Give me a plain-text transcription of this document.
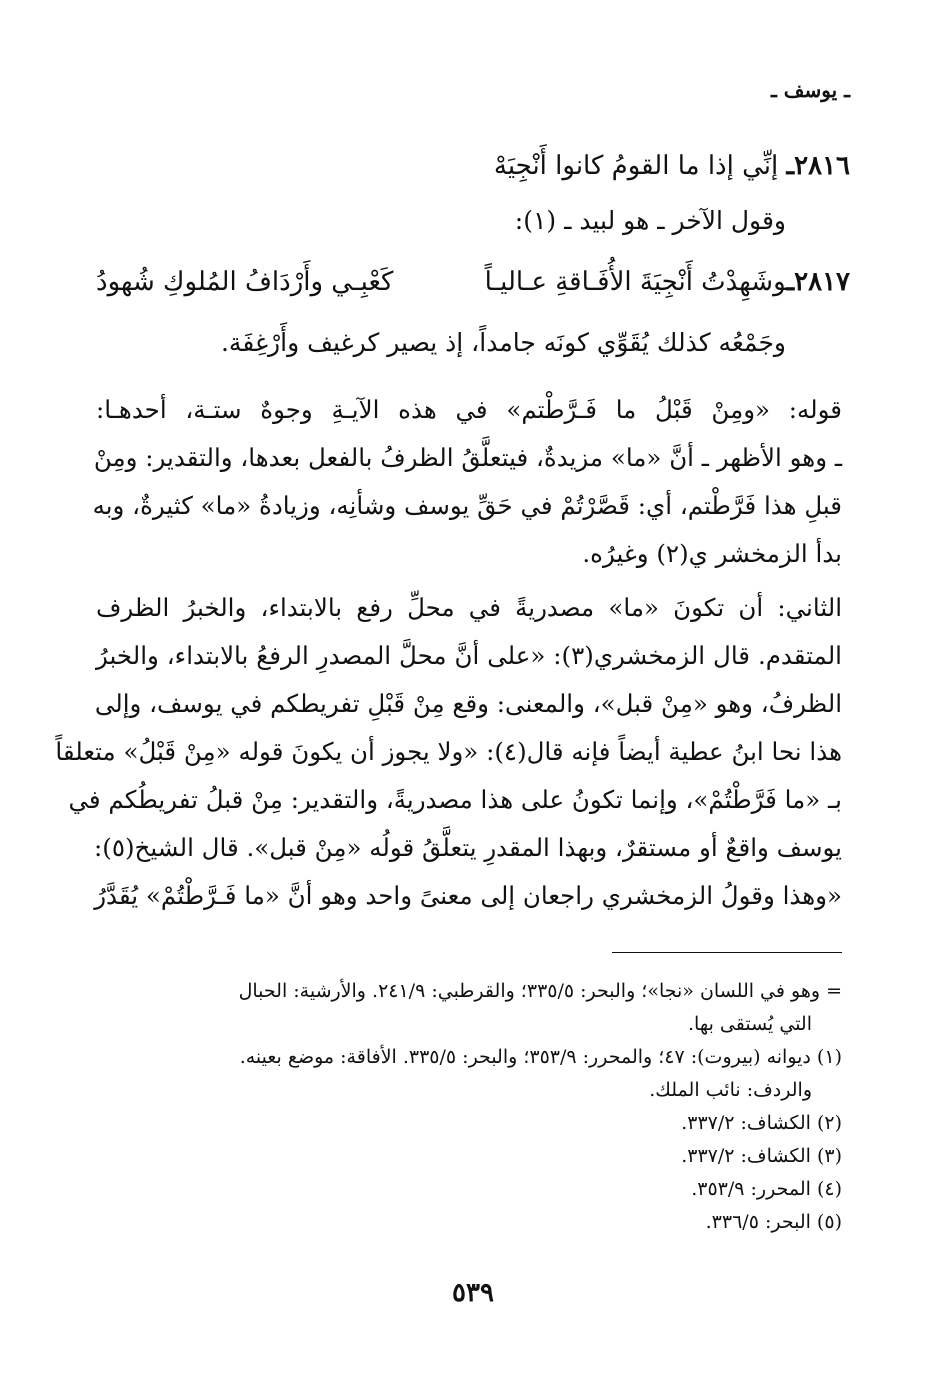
ـ يوسف ـ
٢٨١٦ـ إنِّي إذا ما القومُ كانوا أَنْجِيَهْ
وقول الآخر ـ هو لبيد ـ (١):
٢٨١٧ـوشَهِدْتُ أَنْجِيَةَ الأُفَـاقةِ عـاليـاً
كَعْبِـي وأَرْدَافُ المُلوكِ شُهودُ
وجَمْعُه كذلك يُقَوِّي كونَه جامداً، إذ يصير كرغيف وأَرْغِفَة.
قوله: «ومِنْ قَبْلُ ما فَـرَّطْتم» في هذه الآيـةِ وجوهٌ ستـة، أحدهـا:
ـ وهو الأظهر ـ أنَّ «ما» مزيدةٌ، فيتعلَّقُ الظرفُ بالفعل بعدها، والتقدير: ومِنْ
قبلِ هذا فَرَّطْتم، أي: قَصَّرْتُمْ في حَقِّ يوسف وشأنِه، وزيادةُ «ما» كثيرةٌ، وبه
بدأ الزمخشر ي(٢) وغيرُه.
الثاني: أن تكونَ «ما» مصدريةً في محلِّ رفع بالابتداء، والخبرُ الظرف
المتقدم. قال الزمخشري(٣): «على أنَّ محلَّ المصدرِ الرفعُ بالابتداء، والخبرُ
الظرفُ، وهو «مِنْ قبل»، والمعنى: وقع مِنْ قَبْلِ تفريطكم في يوسف، وإلى
هذا نحا ابنُ عطية أيضاً فإنه قال(٤): «ولا يجوز أن يكونَ قوله «مِنْ قَبْلُ» متعلقاً
بـ «ما فَرَّطْتُمْ»، وإنما تكونُ على هذا مصدريةً، والتقدير: مِنْ قبلُ تفريطُكم في
يوسف واقعٌ أو مستقرٌ، وبهذا المقدرِ يتعلَّقُ قولُه «مِنْ قبل». قال الشيخ(٥):
«وهذا وقولُ الزمخشري راجعان إلى معنىً واحد وهو أنَّ «ما فَـرَّطْتُمْ» يُقَدَّرُ
= وهو في اللسان «نجا»؛ والبحر: ٣٣٥/٥؛ والقرطبي: ٢٤١/٩. والأرشية: الحبال
التي يُستقى بها.
(١) ديوانه (بيروت): ٤٧؛ والمحرر: ٣٥٣/٩؛ والبحر: ٣٣٥/٥. الأفاقة: موضع بعينه.
والردف: نائب الملك.
(٢) الكشاف: ٣٣٧/٢.
(٣) الكشاف: ٣٣٧/٢.
(٤) المحرر: ٣٥٣/٩.
(٥) البحر: ٣٣٦/٥.
٥٣٩
